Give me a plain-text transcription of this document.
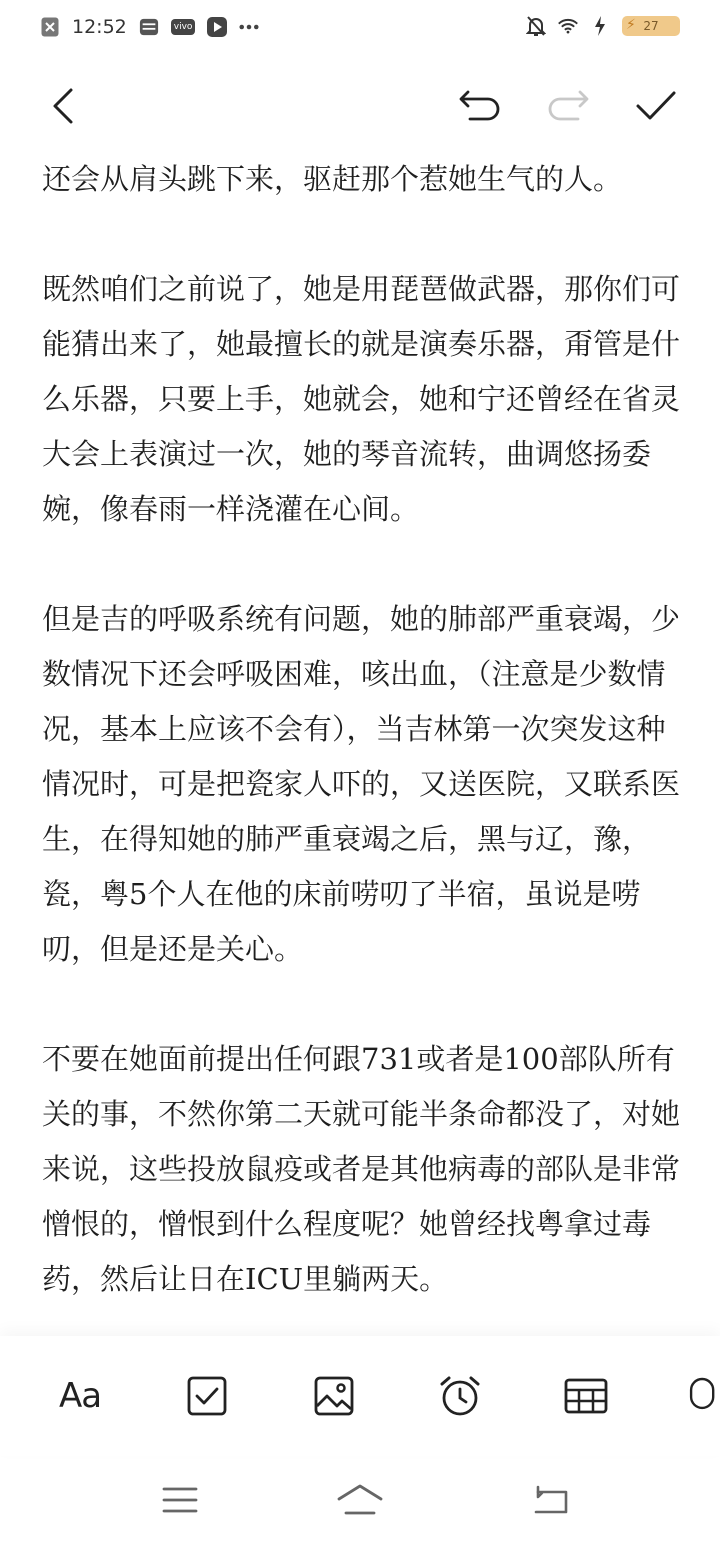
12:52	vivo	⚡ 27

还会从肩头跳下来，驱赶那个惹她生气的人。

既然咱们之前说了，她是用琵琶做武器，那你们可能猜出来了，她最擅长的就是演奏乐器，甭管是什么乐器，只要上手，她就会，她和宁还曾经在省灵大会上表演过一次，她的琴音流转，曲调悠扬委婉，像春雨一样浇灌在心间。

但是吉的呼吸系统有问题，她的肺部严重衰竭，少数情况下还会呼吸困难，咳出血，（注意是少数情况，基本上应该不会有），当吉林第一次突发这种情况时，可是把瓷家人吓的，又送医院，又联系医生，在得知她的肺严重衰竭之后，黑与辽，豫，瓷，粤5个人在他的床前唠叨了半宿，虽说是唠叨，但是还是关心。

不要在她面前提出任何跟731或者是100部队所有关的事，不然你第二天就可能半条命都没了，对她来说，这些投放鼠疫或者是其他病毒的部队是非常憎恨的，憎恨到什么程度呢？她曾经找粤拿过毒药，然后让日在ICU里躺两天。

Aa
